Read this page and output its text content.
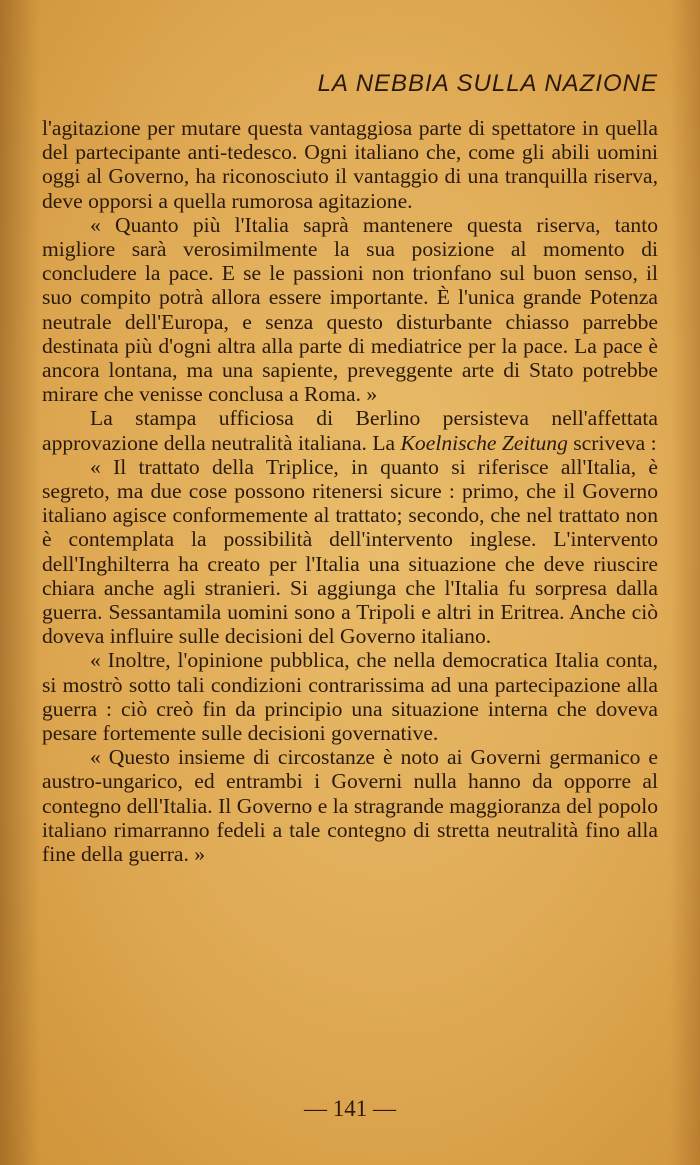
LA NEBBIA SULLA NAZIONE

l'agitazione per mutare questa vantaggiosa parte di spettatore in quella del partecipante anti-tedesco. Ogni italiano che, come gli abili uomini oggi al Governo, ha riconosciuto il vantaggio di una tranquilla riserva, deve opporsi a quella rumorosa agitazione.

« Quanto più l'Italia saprà mantenere questa riserva, tanto migliore sarà verosimilmente la sua posizione al momento di concludere la pace. E se le passioni non trionfano sul buon senso, il suo compito potrà allora essere importante. È l'unica grande Potenza neutrale dell'Europa, e senza questo disturbante chiasso parrebbe destinata più d'ogni altra alla parte di mediatrice per la pace. La pace è ancora lontana, ma una sapiente, preveggente arte di Stato potrebbe mirare che venisse conclusa a Roma. »

La stampa ufficiosa di Berlino persisteva nell'affettata approvazione della neutralità italiana. La Koelnische Zeitung scriveva :

« Il trattato della Triplice, in quanto si riferisce all'Italia, è segreto, ma due cose possono ritenersi sicure : primo, che il Governo italiano agisce conformemente al trattato; secondo, che nel trattato non è contemplata la possibilità dell'intervento inglese. L'intervento dell'Inghilterra ha creato per l'Italia una situazione che deve riuscire chiara anche agli stranieri. Si aggiunga che l'Italia fu sorpresa dalla guerra. Sessantamila uomini sono a Tripoli e altri in Eritrea. Anche ciò doveva influire sulle decisioni del Governo italiano.

« Inoltre, l'opinione pubblica, che nella democratica Italia conta, si mostrò sotto tali condizioni contrarissima ad una partecipazione alla guerra : ciò creò fin da principio una situazione interna che doveva pesare fortemente sulle decisioni governative.

« Questo insieme di circostanze è noto ai Governi germanico e austro-ungarico, ed entrambi i Governi nulla hanno da opporre al contegno dell'Italia. Il Governo e la stragrande maggioranza del popolo italiano rimarranno fedeli a tale contegno di stretta neutralità fino alla fine della guerra. »

— 141 —
